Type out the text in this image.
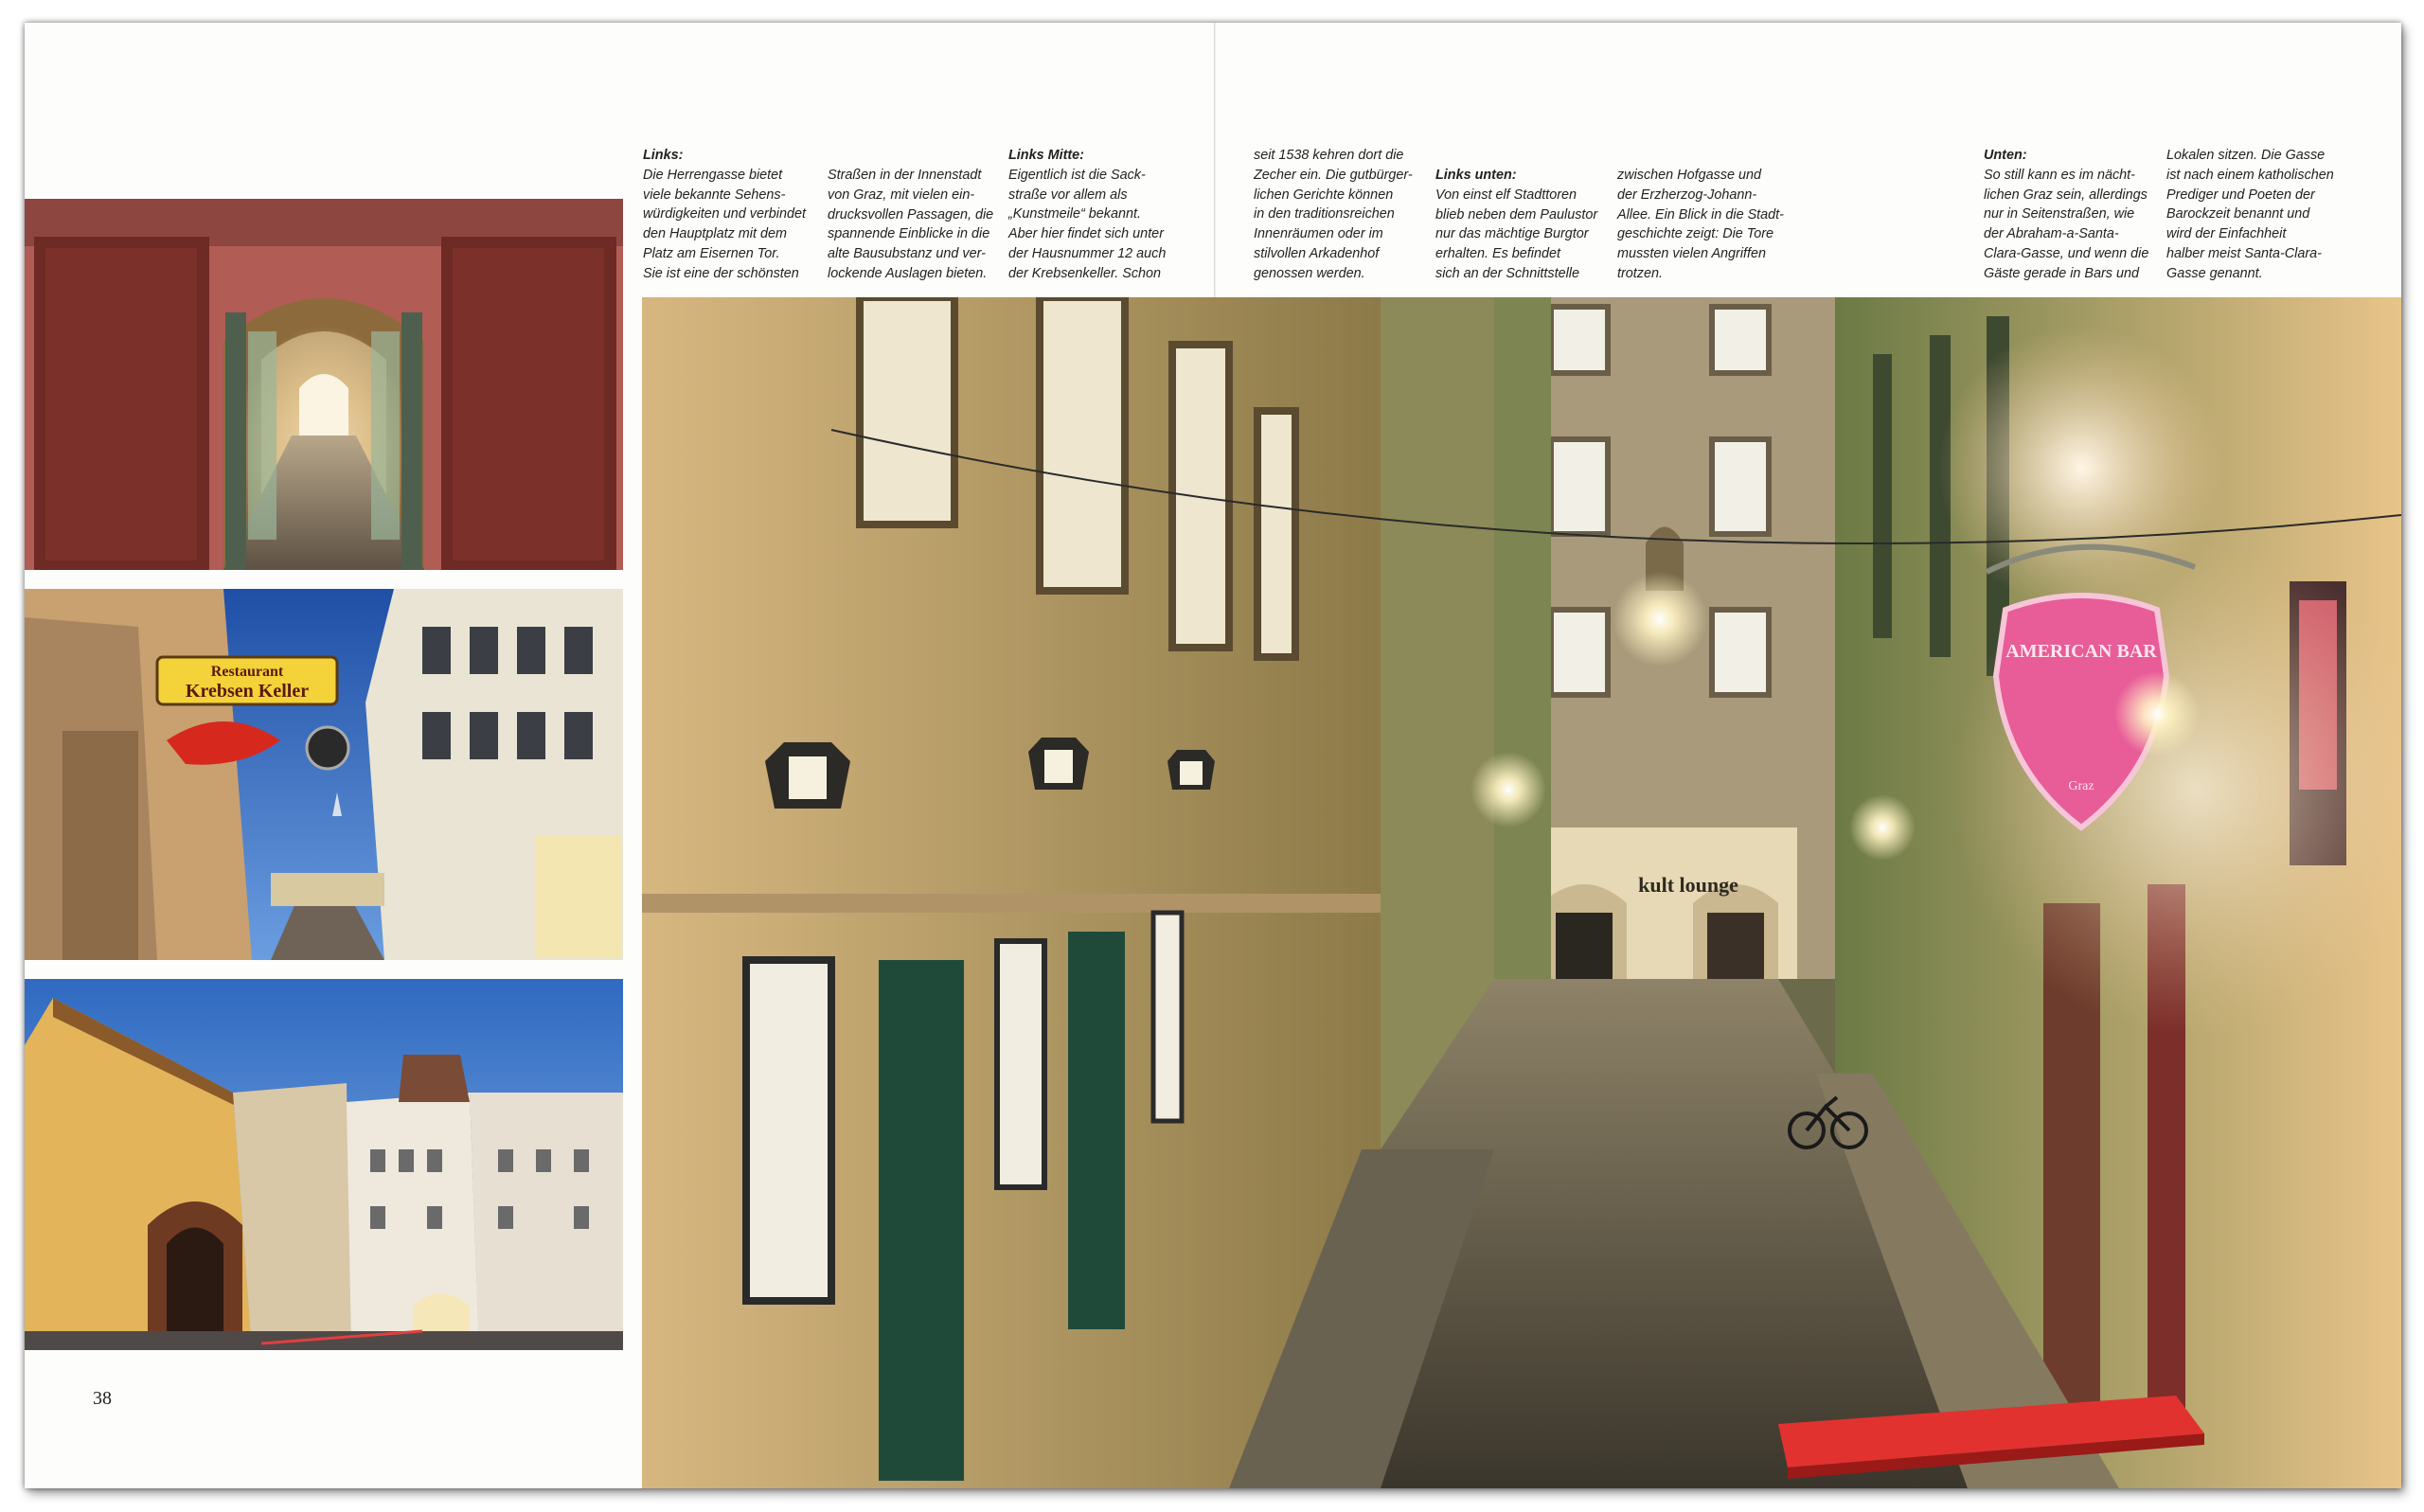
Restaurant
Krebsen Keller
Links:
Die Herrengasse bietet
viele bekannte Sehens-
würdigkeiten und verbindet
den Hauptplatz mit dem
Platz am Eisernen Tor.
Sie ist eine der schönsten
Straßen in der Innenstadt
von Graz, mit vielen ein-
drucksvollen Passagen, die
spannende Einblicke in die
alte Bausubstanz und ver-
lockende Auslagen bieten.
Links Mitte:
Eigentlich ist die Sack-
straße vor allem als
„Kunstmeile“ bekannt.
Aber hier findet sich unter
der Hausnummer 12 auch
der Krebsenkeller. Schon
seit 1538 kehren dort die
Zecher ein. Die gutbürger-
lichen Gerichte können
in den traditionsreichen
Innenräumen oder im
stilvollen Arkadenhof
genossen werden.
Links unten:
Von einst elf Stadttoren
blieb neben dem Paulustor
nur das mächtige Burgtor
erhalten. Es befindet
sich an der Schnittstelle
zwischen Hofgasse und
der Erzherzog-Johann-
Allee. Ein Blick in die Stadt-
geschichte zeigt: Die Tore
mussten vielen Angriffen
trotzen.
Unten:
So still kann es im nächt-
lichen Graz sein, allerdings
nur in Seitenstraßen, wie
der Abraham-a-Santa-
Clara-Gasse, und wenn die
Gäste gerade in Bars und
Lokalen sitzen. Die Gasse
ist nach einem katholischen
Prediger und Poeten der
Barockzeit benannt und
wird der Einfachheit
halber meist Santa-Clara-
Gasse genannt.
kult lounge
AMERICAN BAR
Graz
38
